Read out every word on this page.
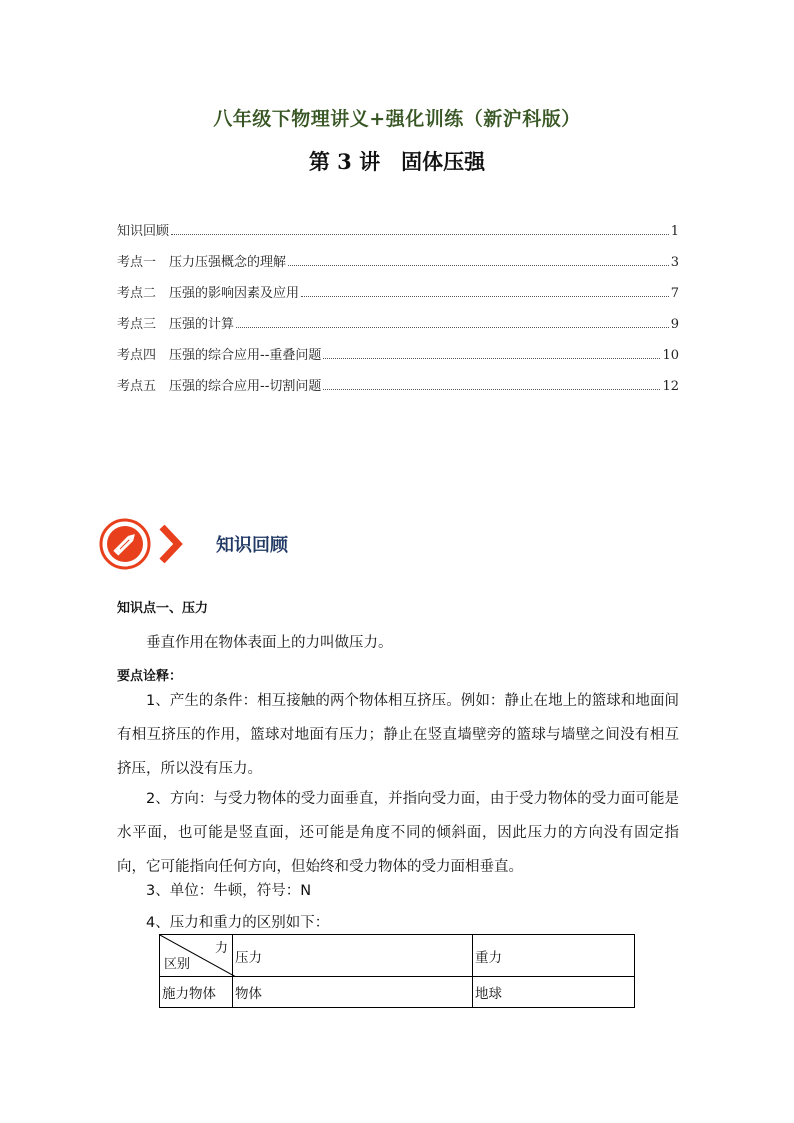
八年级下物理讲义+强化训练（新沪科版）
第 3 讲　固体压强
知识回顾	1
考点一　压力压强概念的理解	3
考点二　压强的影响因素及应用	7
考点三　压强的计算	9
考点四　压强的综合应用--重叠问题	10
考点五　压强的综合应用--切割问题	12
知识回顾
知识点一、压力
垂直作用在物体表面上的力叫做压力。
要点诠释：
1、产生的条件：相互接触的两个物体相互挤压。例如：静止在地上的篮球和地面间有相互挤压的作用，篮球对地面有压力；静止在竖直墙壁旁的篮球与墙壁之间没有相互挤压，所以没有压力。
2、方向：与受力物体的受力面垂直，并指向受力面，由于受力物体的受力面可能是水平面，也可能是竖直面，还可能是角度不同的倾斜面，因此压力的方向没有固定指向，它可能指向任何方向，但始终和受力物体的受力面相垂直。
3、单位：牛顿，符号：N
4、压力和重力的区别如下：
力
区别	压力	重力
施力物体	物体	地球
